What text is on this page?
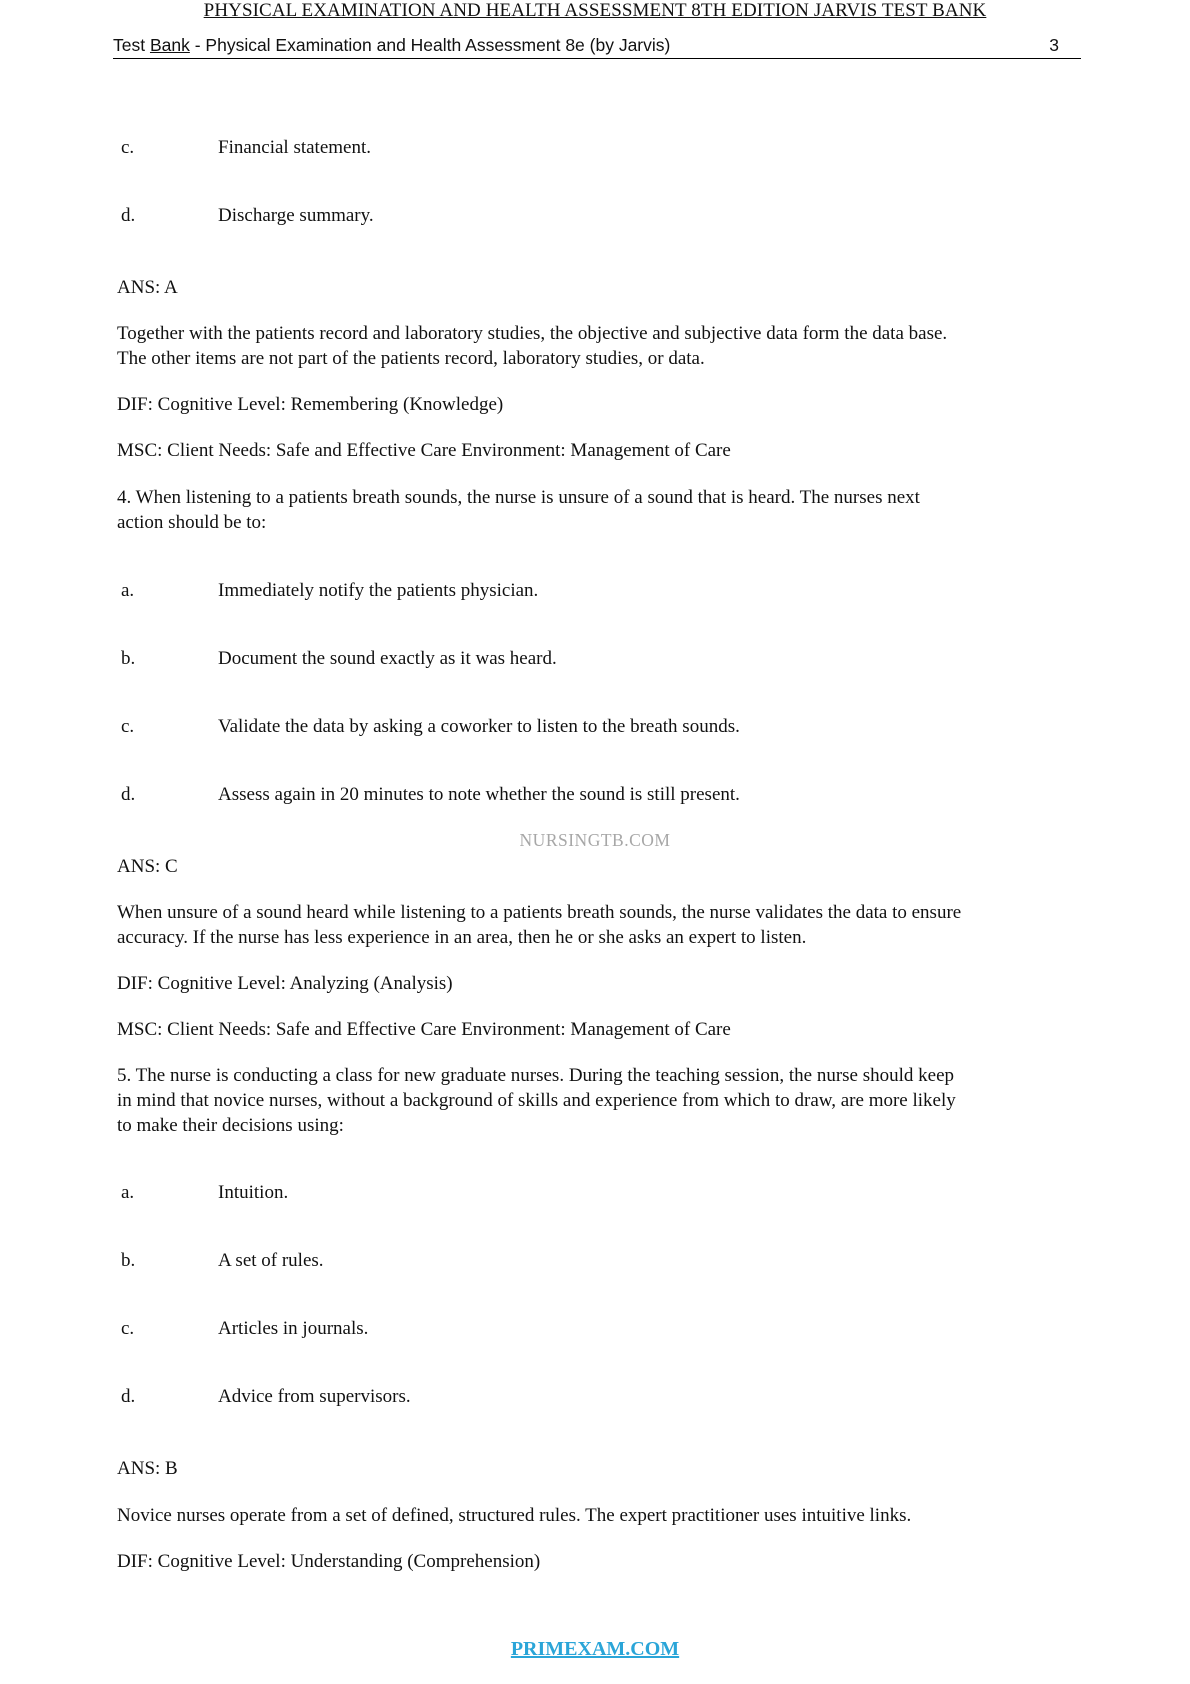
PHYSICAL EXAMINATION AND HEALTH ASSESSMENT 8TH EDITION JARVIS TEST BANK
Test Bank - Physical Examination and Health Assessment 8e (by Jarvis)	3
c.	Financial statement.
d.	Discharge summary.
ANS: A
Together with the patients record and laboratory studies, the objective and subjective data form the data base.
The other items are not part of the patients record, laboratory studies, or data.
DIF: Cognitive Level: Remembering (Knowledge)
MSC: Client Needs: Safe and Effective Care Environment: Management of Care
4. When listening to a patients breath sounds, the nurse is unsure of a sound that is heard. The nurses next
action should be to:
a.	Immediately notify the patients physician.
b.	Document the sound exactly as it was heard.
c.	Validate the data by asking a coworker to listen to the breath sounds.
d.	Assess again in 20 minutes to note whether the sound is still present.
NURSINGTB.COM
ANS: C
When unsure of a sound heard while listening to a patients breath sounds, the nurse validates the data to ensure
accuracy. If the nurse has less experience in an area, then he or she asks an expert to listen.
DIF: Cognitive Level: Analyzing (Analysis)
MSC: Client Needs: Safe and Effective Care Environment: Management of Care
5. The nurse is conducting a class for new graduate nurses. During the teaching session, the nurse should keep
in mind that novice nurses, without a background of skills and experience from which to draw, are more likely
to make their decisions using:
a.	Intuition.
b.	A set of rules.
c.	Articles in journals.
d.	Advice from supervisors.
ANS: B
Novice nurses operate from a set of defined, structured rules. The expert practitioner uses intuitive links.
DIF: Cognitive Level: Understanding (Comprehension)
PRIMEXAM.COM
